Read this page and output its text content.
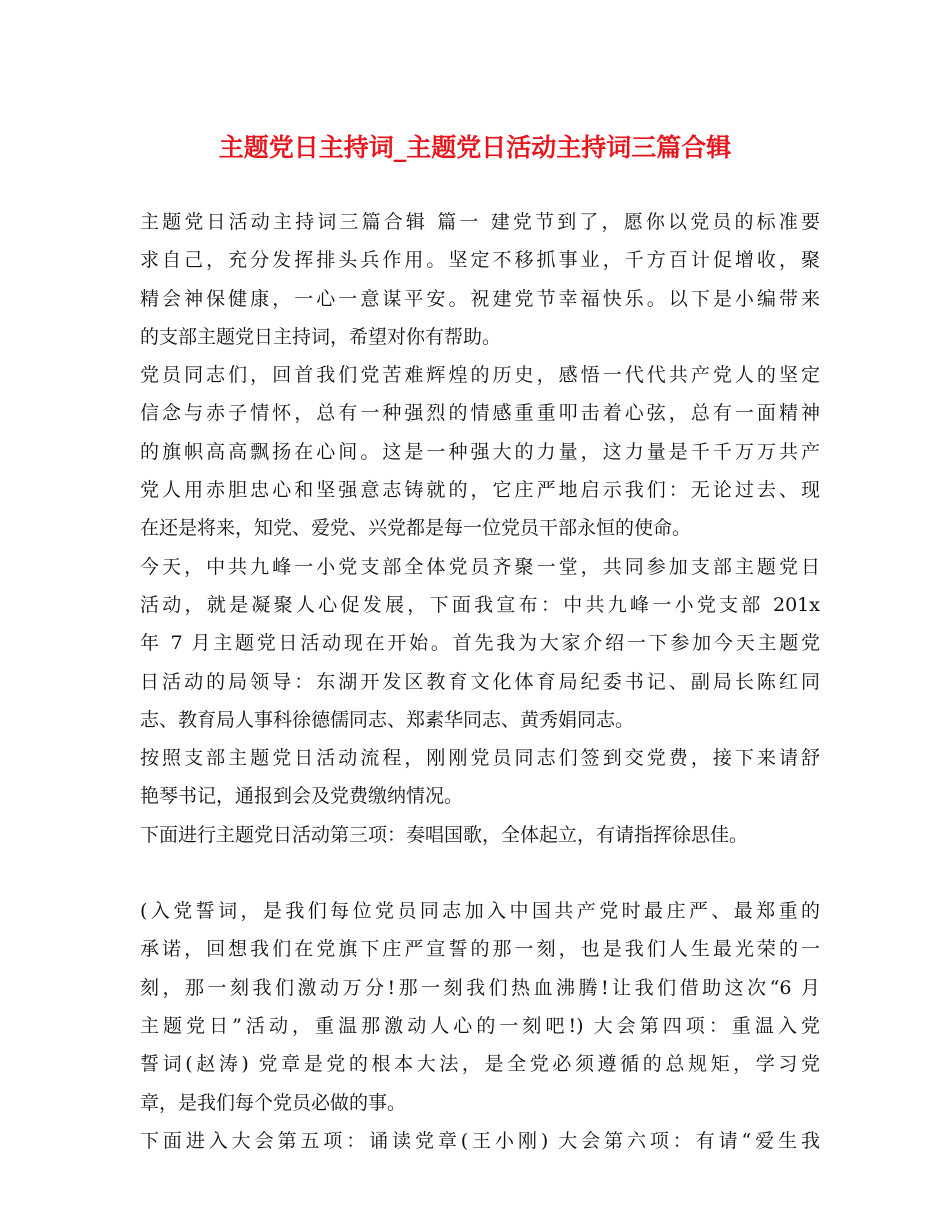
主题党日主持词_主题党日活动主持词三篇合辑
主题党日活动主持词三篇合辑 篇一 建党节到了，愿你以党员的标准要
求自己，充分发挥排头兵作用。坚定不移抓事业，千方百计促增收，聚
精会神保健康，一心一意谋平安。祝建党节幸福快乐。以下是小编带来
的支部主题党日主持词，希望对你有帮助。
党员同志们，回首我们党苦难辉煌的历史，感悟一代代共产党人的坚定
信念与赤子情怀，总有一种强烈的情感重重叩击着心弦，总有一面精神
的旗帜高高飘扬在心间。这是一种强大的力量，这力量是千千万万共产
党人用赤胆忠心和坚强意志铸就的，它庄严地启示我们：无论过去、现
在还是将来，知党、爱党、兴党都是每一位党员干部永恒的使命。
今天，中共九峰一小党支部全体党员齐聚一堂，共同参加支部主题党日
活动，就是凝聚人心促发展，下面我宣布：中共九峰一小党支部 201x
年 7 月主题党日活动现在开始。首先我为大家介绍一下参加今天主题党
日活动的局领导：东湖开发区教育文化体育局纪委书记、副局长陈红同
志、教育局人事科徐德儒同志、郑素华同志、黄秀娟同志。
按照支部主题党日活动流程，刚刚党员同志们签到交党费，接下来请舒
艳琴书记，通报到会及党费缴纳情况。
下面进行主题党日活动第三项：奏唱国歌，全体起立，有请指挥徐思佳。
(入党誓词，是我们每位党员同志加入中国共产党时最庄严、最郑重的
承诺，回想我们在党旗下庄严宣誓的那一刻，也是我们人生最光荣的一
刻，那一刻我们激动万分!那一刻我们热血沸腾!让我们借助这次“6 月
主题党日”活动，重温那激动人心的一刻吧!) 大会第四项：重温入党
誓词(赵涛) 党章是党的根本大法，是全党必须遵循的总规矩，学习党
章，是我们每个党员必做的事。
下面进入大会第五项：诵读党章(王小刚) 大会第六项：有请“爱生我
